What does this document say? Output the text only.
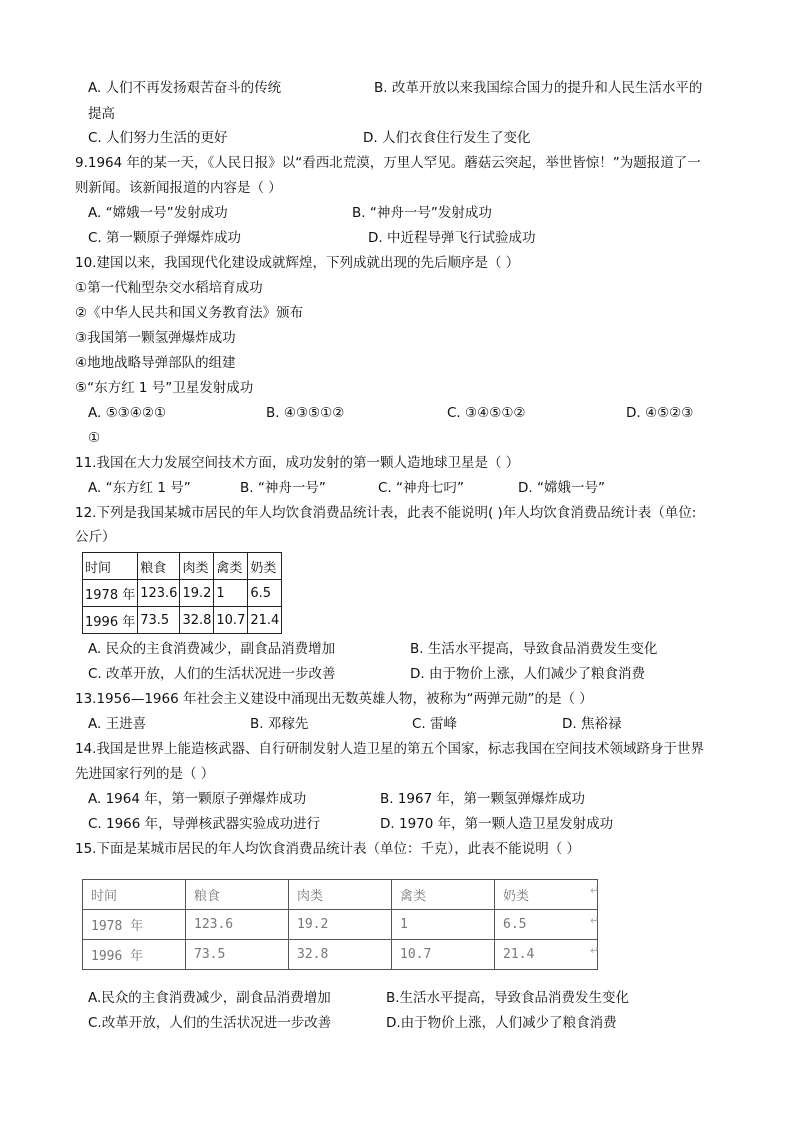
A. 人们不再发扬艰苦奋斗的传统	B. 改革开放以来我国综合国力的提升和人民生活水平的
提高
C. 人们努力生活的更好	D. 人们衣食住行发生了变化
9.1964 年的某一天，《人民日报》以“看西北荒漠，万里人罕见。蘑菇云突起，举世皆惊！”为题报道了一
则新闻。该新闻报道的内容是（ ）
A. “嫦娥一号”发射成功	B. “神舟一号”发射成功
C. 第一颗原子弹爆炸成功	D. 中近程导弹飞行试验成功
10.建国以来，我国现代化建设成就辉煌，下列成就出现的先后顺序是（ ）
①第一代籼型杂交水稻培育成功
②《中华人民共和国义务教育法》颁布
③我国第一颗氢弹爆炸成功
④地地战略导弹部队的组建
⑤“东方红 1 号”卫星发射成功
A. ⑤③④②①	B. ④③⑤①②	C. ③④⑤①②	D. ④⑤②③
①
11.我国在大力发展空间技术方面，成功发射的第一颗人造地球卫星是（ ）
A. “东方红 1 号”	B. “神舟一号”	C. “神舟七叼”	D. “嫦娥一号”
12.下列是我国某城市居民的年人均饮食消费品统计表，此表不能说明( )年人均饮食消费品统计表（单位:
公斤）
时间	粮食	肉类	禽类	奶类
1978 年	123.6	19.2	1	6.5
1996 年	73.5	32.8	10.7	21.4
A. 民众的主食消费减少，副食品消费增加	B. 生活水平提高，导致食品消费发生变化
C. 改革开放，人们的生活状况进一步改善	D. 由于物价上涨，人们减少了粮食消费
13.1956—1966 年社会主义建设中涌现出无数英雄人物，被称为“两弹元勋”的是（ ）
A. 王进喜	B. 邓稼先	C. 雷峰	D. 焦裕禄
14.我国是世界上能造核武器、自行研制发射人造卫星的第五个国家，标志我国在空间技术领域跻身于世界
先进国家行列的是（ ）
A. 1964 年，第一颗原子弹爆炸成功	B. 1967 年，第一颗氢弹爆炸成功
C. 1966 年，导弹核武器实验成功进行	D. 1970 年，第一颗人造卫星发射成功
15.下面是某城市居民的年人均饮食消费品统计表（单位：千克），此表不能说明（ ）
时间	粮食	肉类	禽类	奶类
1978 年	123.6	19.2	1	6.5
1996 年	73.5	32.8	10.7	21.4
↵
↵
↵
A.民众的主食消费减少，副食品消费增加	B.生活水平提高，导致食品消费发生变化
C.改革开放，人们的生活状况进一步改善	D.由于物价上涨，人们减少了粮食消费
